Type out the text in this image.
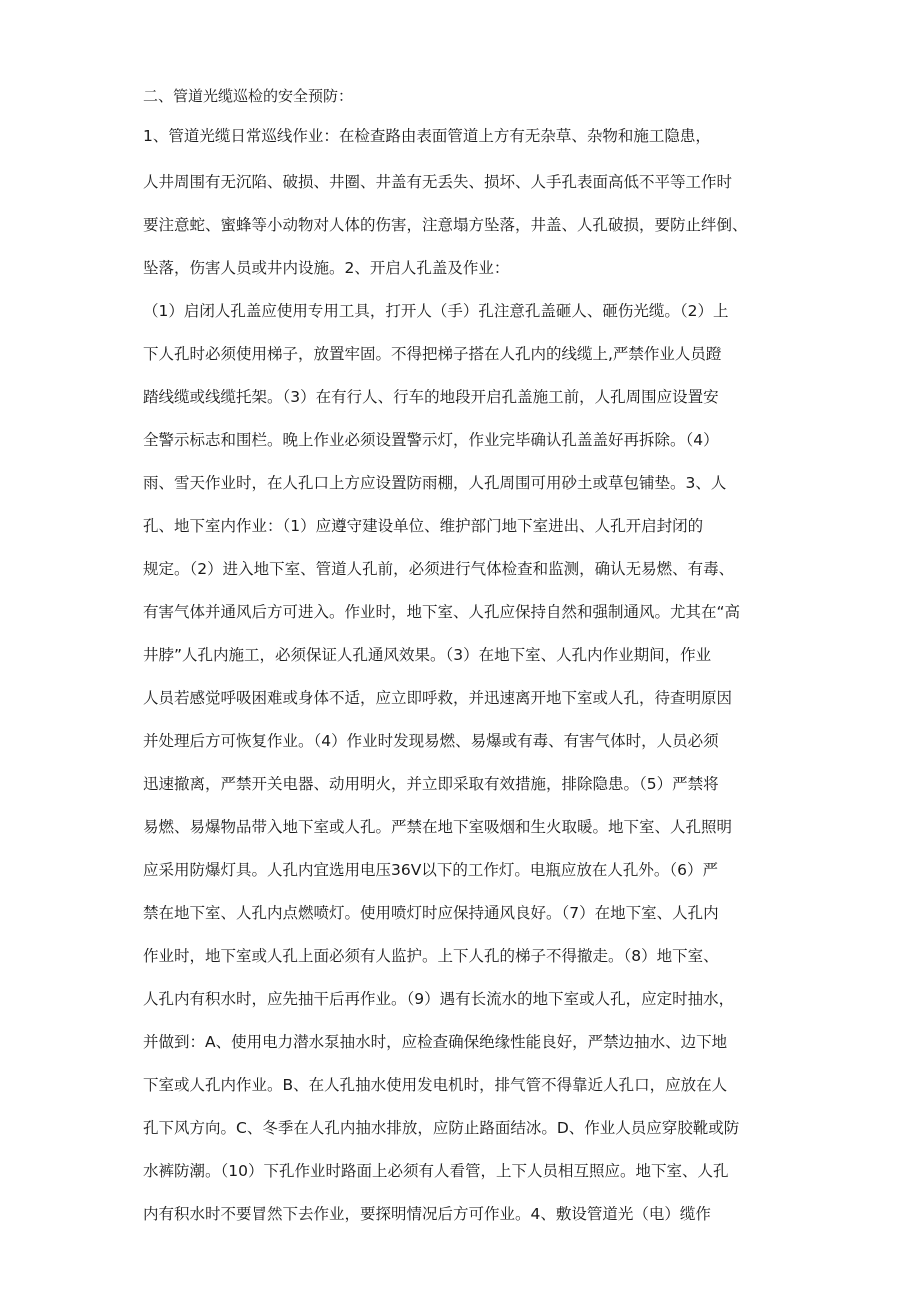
二、管道光缆巡检的安全预防：
1、管道光缆日常巡线作业：在检查路由表面管道上方有无杂草、杂物和施工隐患，
人井周围有无沉陷、破损、井圈、井盖有无丢失、损坏、人手孔表面高低不平等工作时
要注意蛇、蜜蜂等小动物对人体的伤害，注意塌方坠落，井盖、人孔破损，要防止绊倒、
坠落，伤害人员或井内设施。2、开启人孔盖及作业：
（1）启闭人孔盖应使用专用工具，打开人（手）孔注意孔盖砸人、砸伤光缆。（2）上
下人孔时必须使用梯子，放置牢固。不得把梯子搭在人孔内的线缆上,严禁作业人员蹬
踏线缆或线缆托架。（3）在有行人、行车的地段开启孔盖施工前，人孔周围应设置安
全警示标志和围栏。晚上作业必须设置警示灯，作业完毕确认孔盖盖好再拆除。（4）
雨、雪天作业时，在人孔口上方应设置防雨棚，人孔周围可用砂土或草包铺垫。3、人
孔、地下室内作业：（1）应遵守建设单位、维护部门地下室进出、人孔开启封闭的
规定。（2）进入地下室、管道人孔前，必须进行气体检查和监测，确认无易燃、有毒、
有害气体并通风后方可进入。作业时，地下室、人孔应保持自然和强制通风。尤其在“高
井脖”人孔内施工，必须保证人孔通风效果。（3）在地下室、人孔内作业期间，作业
人员若感觉呼吸困难或身体不适，应立即呼救，并迅速离开地下室或人孔，待查明原因
并处理后方可恢复作业。（4）作业时发现易燃、易爆或有毒、有害气体时，人员必须
迅速撤离，严禁开关电器、动用明火，并立即采取有效措施，排除隐患。（5）严禁将
易燃、易爆物品带入地下室或人孔。严禁在地下室吸烟和生火取暖。地下室、人孔照明
应采用防爆灯具。人孔内宜选用电压36V以下的工作灯。电瓶应放在人孔外。（6）严
禁在地下室、人孔内点燃喷灯。使用喷灯时应保持通风良好。（7）在地下室、人孔内
作业时，地下室或人孔上面必须有人监护。上下人孔的梯子不得撤走。（8）地下室、
人孔内有积水时，应先抽干后再作业。（9）遇有长流水的地下室或人孔，应定时抽水，
并做到：A、使用电力潜水泵抽水时，应检查确保绝缘性能良好，严禁边抽水、边下地
下室或人孔内作业。B、在人孔抽水使用发电机时，排气管不得靠近人孔口，应放在人
孔下风方向。C、冬季在人孔内抽水排放，应防止路面结冰。D、作业人员应穿胶靴或防
水裤防潮。（10）下孔作业时路面上必须有人看管，上下人员相互照应。地下室、人孔
内有积水时不要冒然下去作业，要探明情况后方可作业。4、敷设管道光（电）缆作
